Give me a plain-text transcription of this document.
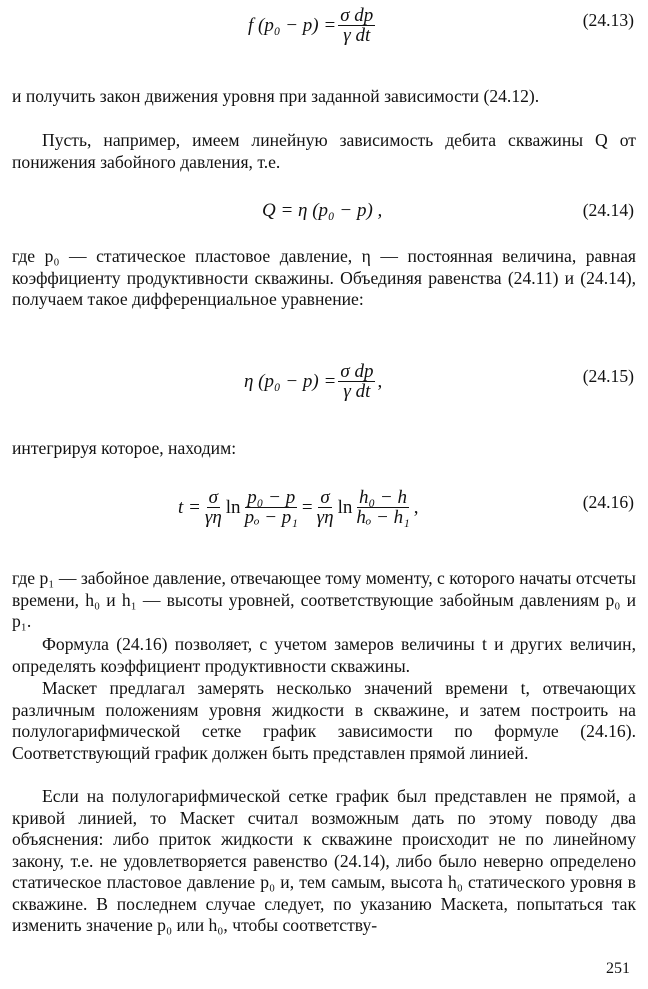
f $(p_0 - p) = \frac{\text{σ dp}}{\text{γ dt}}$	(24.13)

и получить закон движения уровня при заданной зависимости (24.12).

Пусть, например, имеем линейную зависимость дебита скважины Q от понижения забойного давления, т.е.

Q = η (p₀ − p) ,	(24.14)

где p₀ — статическое пластовое давление, η — постоянная величина, равная коэффициенту продуктивности скважины. Объединяя равенства (24.11) и (24.14), получаем такое дифференциальное уравнение:

η $(p_0 - p) = \frac{\text{σ dp}}{\text{γ dt}}$ ,	(24.15)

интегрируя которое, находим:

$t = \frac{\sigma}{\gamma\eta}$ $\ln \frac{\text{p₀ − p}}{\text{pₒ − p₁}} = \frac{\sigma}{\gamma\eta}$ $\ln \frac{\text{h₀ − h}}{\text{hₒ − h₁}}$ ,	(24.16)

где p₁ — забойное давление, отвечающее тому моменту, с которого начаты отсчеты времени, h₀ и h₁ — высоты уровней, соответствующие забойным давлениям p₀ и p₁.

Формула (24.16) позволяет, с учетом замеров величины t и других величин, определять коэффициент продуктивности скважины.

Маскет предлагал замерять несколько значений времени t, отвечающих различным положениям уровня жидкости в скважине, и затем построить на полулогарифмической сетке график зависимости по формуле (24.16). Соответствующий график должен быть представлен прямой линией.

Если на полулогарифмической сетке график был представлен не прямой, а кривой линией, то Маскет считал возможным дать по этому поводу два объяснения: либо приток жидкости к скважине происходит не по линейному закону, т.е. не удовлетворяется равенство (24.14), либо было неверно определено статическое пластовое давление p₀ и, тем самым, высота h₀ статического уровня в скважине. В последнем случае следует, по указанию Маскета, попытаться так изменить значение p₀ или h₀, чтобы соответству-

251
